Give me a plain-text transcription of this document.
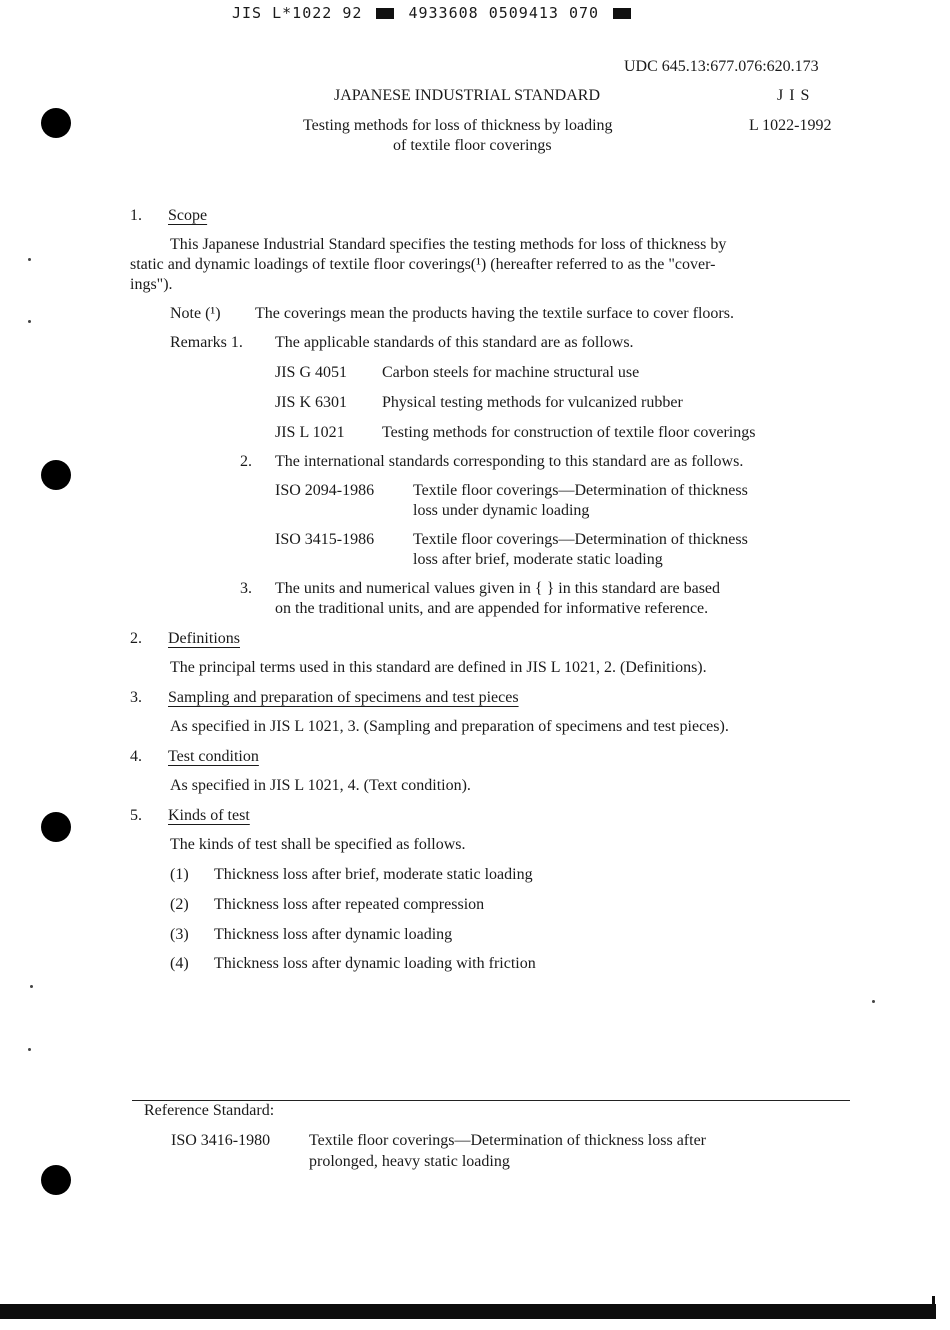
JIS L*1022 92	4933608 0509413 070
UDC 645.13:677.076:620.173
JAPANESE INDUSTRIAL STANDARD	J I S
Testing methods for loss of thickness by loading
of textile floor coverings
L 1022-1992
1. Scope
This Japanese Industrial Standard specifies the testing methods for loss of thickness by
static and dynamic loadings of textile floor coverings(¹) (hereafter referred to as the "cover-
ings").
Note (¹) The coverings mean the products having the textile surface to cover floors.
Remarks 1. The applicable standards of this standard are as follows.
JIS G 4051 Carbon steels for machine structural use
JIS K 6301 Physical testing methods for vulcanized rubber
JIS L 1021 Testing methods for construction of textile floor coverings
2. The international standards corresponding to this standard are as follows.
ISO 2094-1986 Textile floor coverings—Determination of thickness
loss under dynamic loading
ISO 3415-1986 Textile floor coverings—Determination of thickness
loss after brief, moderate static loading
3. The units and numerical values given in { } in this standard are based
on the traditional units, and are appended for informative reference.
2. Definitions
The principal terms used in this standard are defined in JIS L 1021, 2. (Definitions).
3. Sampling and preparation of specimens and test pieces
As specified in JIS L 1021, 3. (Sampling and preparation of specimens and test pieces).
4. Test condition
As specified in JIS L 1021, 4. (Text condition).
5. Kinds of test
The kinds of test shall be specified as follows.
(1) Thickness loss after brief, moderate static loading
(2) Thickness loss after repeated compression
(3) Thickness loss after dynamic loading
(4) Thickness loss after dynamic loading with friction
Reference Standard:
ISO 3416-1980 Textile floor coverings—Determination of thickness loss after
prolonged, heavy static loading
